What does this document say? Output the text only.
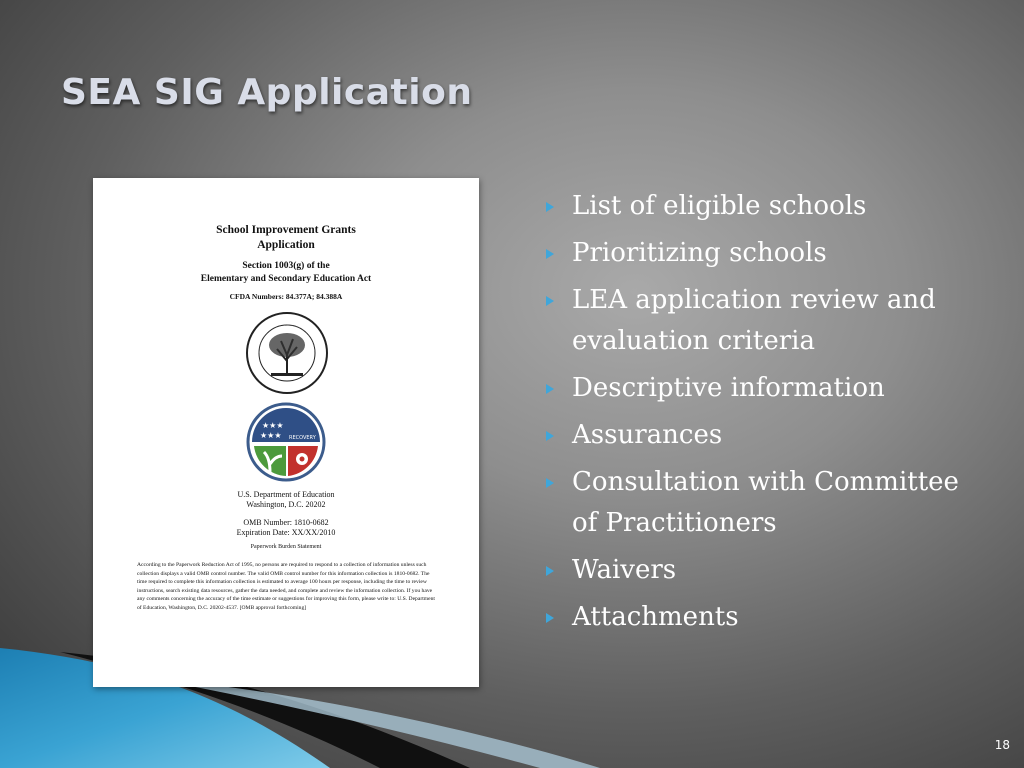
SEA SIG Application
School Improvement Grants
Application
Section 1003(g) of the
Elementary and Secondary Education Act
CFDA Numbers: 84.377A; 84.388A
★★★
★★★ RECOVERY
U.S. Department of Education
Washington, D.C. 20202
OMB Number: 1810-0682
Expiration Date: XX/XX/2010
Paperwork Burden Statement
According to the Paperwork Reduction Act of 1995, no persons are required to respond to a collection of information unless such collection displays a valid OMB control number. The valid OMB control number for this information collection is 1810-0682. The time required to complete this information collection is estimated to average 100 hours per response, including the time to review instructions, search existing data resources, gather the data needed, and complete and review the information collection. If you have any comments concerning the accuracy of the time estimate or suggestions for improving this form, please write to: U.S. Department of Education, Washington, D.C. 20202-4537. [OMB approval forthcoming]
List of eligible schools
Prioritizing schools
LEA application review and evaluation criteria
Descriptive information
Assurances
Consultation with Committee of Practitioners
Waivers
Attachments
18
